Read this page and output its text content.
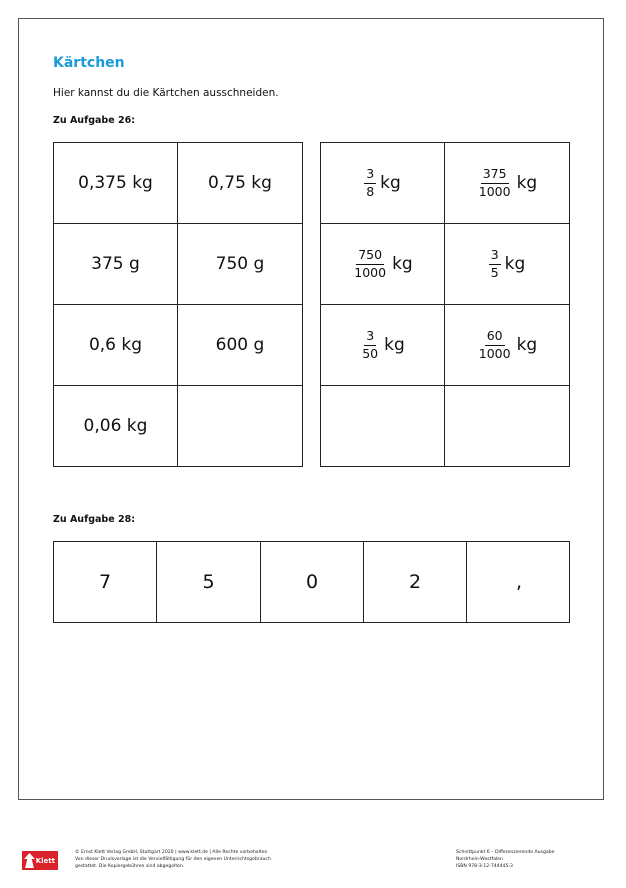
Kärtchen
Hier kannst du die Kärtchen ausschneiden.
Zu Aufgabe 26:
0,375 kg	0,75 kg
375 g	750 g
0,6 kg	600 g
0,06 kg
$\frac{3}{8}$ kg	$\frac{375}{1000}$ kg
$\frac{750}{1000}$ kg	$\frac{3}{5}$ kg
$\frac{3}{50}$ kg	$\frac{60}{1000}$ kg
Zu Aufgabe 28:
7	5	0	2	,
Klett
© Ernst Klett Verlag GmbH, Stuttgart 2020 | www.klett.de | Alle Rechte vorbehalten
Von dieser Druckvorlage ist die Vervielfältigung für den eigenen Unterrichtsgebrauch
gestattet. Die Kopiergebühren sind abgegolten.
Schnittpunkt 6 – Differenzierende Ausgabe
Nordrhein-Westfalen
ISBN 978-3-12-744445-3
